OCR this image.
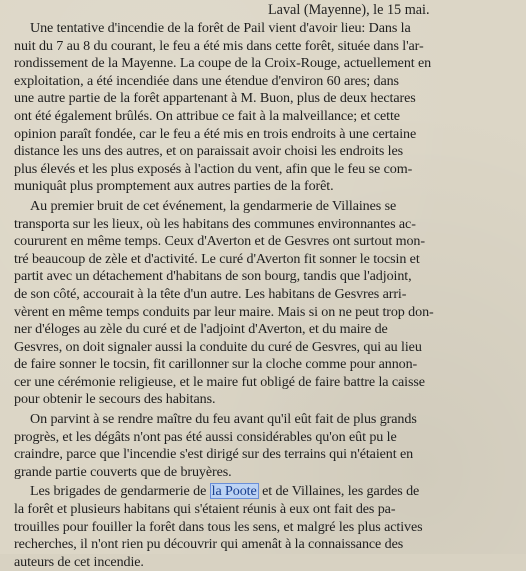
Laval (Mayenne), le 15 mai.
Une tentative d'incendie de la forêt de Pail vient d'avoir lieu: Dans la
nuit du 7 au 8 du courant, le feu a été mis dans cette forêt, située dans l'ar-
rondissement de la Mayenne. La coupe de la Croix-Rouge, actuellement en
exploitation, a été incendiée dans une étendue d'environ 60 ares; dans
une autre partie de la forêt appartenant à M. Buon, plus de deux hectares
ont été également brûlés. On attribue ce fait à la malveillance; et cette
opinion paraît fondée, car le feu a été mis en trois endroits à une certaine
distance les uns des autres, et on paraissait avoir choisi les endroits les
plus élevés et les plus exposés à l'action du vent, afin que le feu se com-
muniquât plus promptement aux autres parties de la forêt.
Au premier bruit de cet événement, la gendarmerie de Villaines se
transporta sur les lieux, où les habitans des communes environnantes ac-
coururent en même temps. Ceux d'Averton et de Gesvres ont surtout mon-
tré beaucoup de zèle et d'activité. Le curé d'Averton fit sonner le tocsin et
partit avec un détachement d'habitans de son bourg, tandis que l'adjoint,
de son côté, accourait à la tête d'un autre. Les habitans de Gesvres arri-
vèrent en même temps conduits par leur maire. Mais si on ne peut trop don-
ner d'éloges au zèle du curé et de l'adjoint d'Averton, et du maire de
Gesvres, on doit signaler aussi la conduite du curé de Gesvres, qui au lieu
de faire sonner le tocsin, fit carillonner sur la cloche comme pour annon-
cer une cérémonie religieuse, et le maire fut obligé de faire battre la caisse
pour obtenir le secours des habitans.
On parvint à se rendre maître du feu avant qu'il eût fait de plus grands
progrès, et les dégâts n'ont pas été aussi considérables qu'on eût pu le
craindre, parce que l'incendie s'est dirigé sur des terrains qui n'étaient en
grande partie couverts que de bruyères.
Les brigades de gendarmerie de la Poote et de Villaines, les gardes de
la forêt et plusieurs habitans qui s'étaient réunis à eux ont fait des pa-
trouilles pour fouiller la forêt dans tous les sens, et malgré les plus actives
recherches, il n'ont rien pu découvrir qui amenât à la connaissance des
auteurs de cet incendie.
